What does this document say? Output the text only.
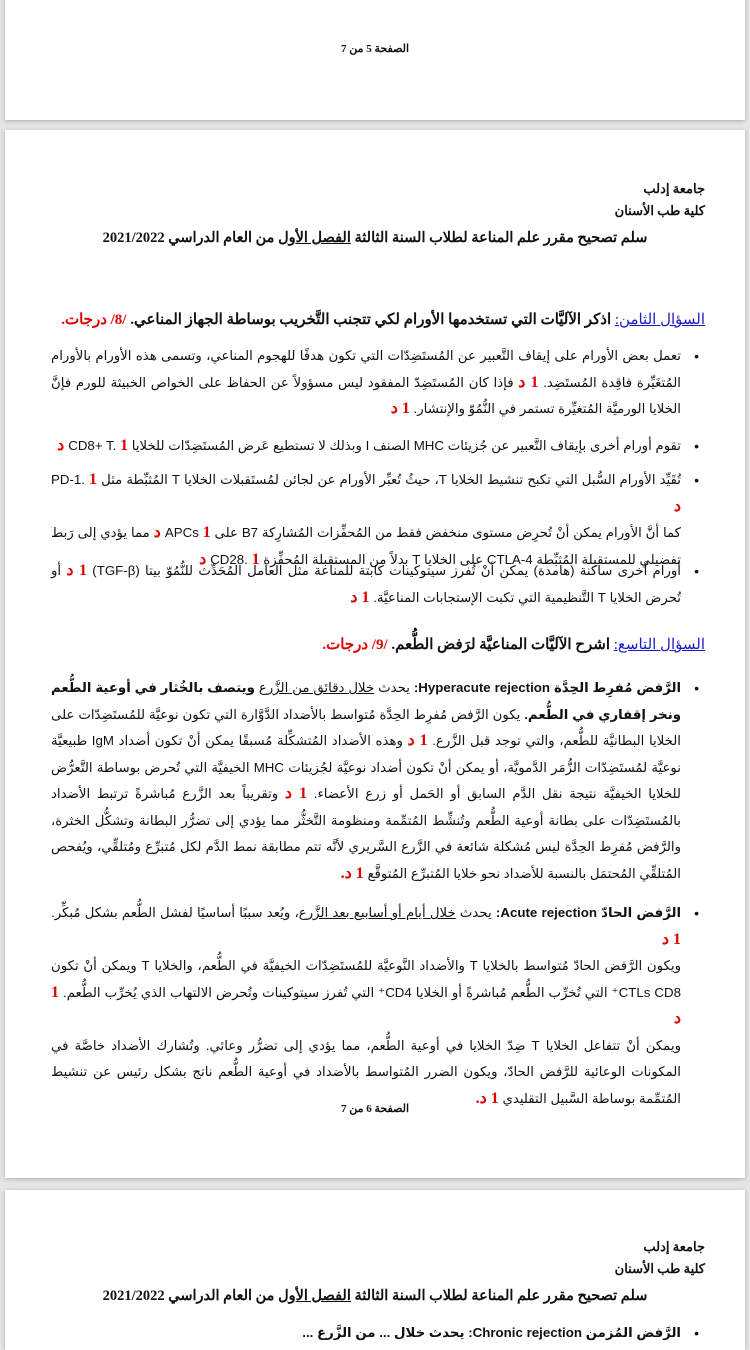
الصفحة 5 من 7
جامعة إدلب
كلية طب الأسنان
سلم تصحيح مقرر علم المناعة لطلاب السنة الثالثة الفصل الأول من العام الدراسي 2021/2022
السؤال الثامن: اذكر الآليَّات التي تستخدمها الأورام لكي تتجنب التَّخريب بوساطة الجهاز المناعي. /8/ درجات.
• تعمل بعض الأورام على إيقاف التَّعبير عن المُستَضِدّات التي تكون هدفًا للهجوم المناعي، وتسمى هذه الأورام بالأورام المُتغَيِّرة فاقِدة المُستَضِد. 1 د فإذا كان المُستَضِدّ المفقود ليس مسؤولاً عن الحفاظ على الخواص الخبيثة للورم فإنَّ الخلايا الورميَّة المُتغيِّرة تستمر في النُّمُوّ والإنتشار. 1 د
• تقوم أورام أخرى بإيقاف التَّعبير عن جُزيئات MHC الصنف I وبذلك لا تستطيع عَرض المُستَضِدّات للخلايا CD8+ T. 1 د
• تُقَيِّد الأورام السُّبل التي تكبح تنشيط الخلايا T، حيثُ تُعبِّر الأورام عن لجائن لمُستَقبلات الخلايا T المُثبِّطة مثل PD-1. 1 د
كما أنَّ الأورام يمكن أنْ تُحرِض مستوى منخفض فقط من المُحفِّزات المُشارِكة B7 على APCs 1 د مما يؤدي إلى رَبط تفضيلي للمستقبلة المُثبِّطة CTLA-4 على الخلايا T بدلاً من المستقبلة المُحفِّزة CD28. 1 د
• أورام أخرى ساكنة (هامدة) يمكن أنْ تُفرز سيتوكينات كابتة للمناعة مثل العامل المُحَدِّث للنُّمُوّ بيتا (TGF-β) 1 د أو تُحرض الخلايا T التَّنظيمية التي تكبت الإستجابات المناعيَّة. 1 د
السؤال التاسع: اشرح الآليَّات المناعيَّة لرَفض الطُّعم. /9/ درجات.
• الرَّفض مُفرِط الحِدَّة Hyperacute rejection: يحدث خلال دقائق من الزَّرع ويتصف بالخُثار في أوعية الطُّعم ونخر إقفاري في الطُّعم. يكون الرَّفض مُفرِط الحِدَّة مُتواسط بالأضداد الدَّوَّارة التي تكون نوعيَّة للمُستَضِدّات على الخلايا البطانيَّة للطُّعم، والتي توجد قبل الزَّرع. 1 د وهذه الأضداد المُتشكِّلة مُسبقًا يمكن أنْ تكون أضداد IgM طبيعيَّة نوعيَّة لمُستَضِدّات الزُّمَر الدَّمويَّة، أو يمكن أنْ تكون أضداد نوعيَّة لجُزيئات MHC الخيفيَّة التي تُحرض بوساطة التَّعرُّض للخلايا الخيفيَّة نتيجة نقل الدَّم السابق أو الحَمل أو زرع الأعضاء. 1 د وتقريباً بعد الزَّرع مُباشرةً ترتبط الأضداد بالمُستَضِدّات على بطانة أوعية الطُّعم وتُنشِّط المُتمِّمة ومنظومة التَّخثُّر مما يؤدي إلى تضرُّر البطانة وتشكُّل الخثرة، والرَّفض مُفرِط الحِدَّة ليس مُشكلة شائعة في الزَّرع السَّريري لأنَّه تتم مطابقة نمط الدَّم لكل مُتبرِّع ومُتلقِّي، ويُفحص المُتلقِّي المُحتمَل بالنسبة للأضداد نحو خلايا المُتبرِّع المُتوقَّع 1 د.
• الرَّفض الحادّ Acute rejection: يحدث خلال أيام أو أسابيع بعد الزَّرع، ويُعد سببًا أساسيًا لفشل الطُّعم بشكل مُبكِّر. 1 د
ويكون الرَّفض الحادّ مُتواسط بالخلايا T والأضداد النَّوعيَّة للمُستَضِدّات الخيفيَّة في الطُّعم، والخلايا T ويمكن أنْ تكون CTLs CD8⁺ التي تُخرِّب الطُّعم مُباشرةً أو الخلايا CD4⁺ التي تُفرز سيتوكينات وتُحرض الالتهاب الذي يُخرِّب الطُّعم. 1 د
ويمكن أنْ تتفاعل الخلايا T ضِدّ الخلايا في أوعية الطُّعم، مما يؤدي إلى تضرُّر وعائي. وتُشارك الأضداد خاصَّة في المكونات الوعائية للرَّفض الحادّ، ويكون الضرر المُتواسط بالأضداد في أوعية الطُّعم ناتج بشكل رئيس عن تنشيط المُتمِّمة بوساطة السَّبيل التقليدي 1 د.
الصفحة 6 من 7
جامعة إدلب
كلية طب الأسنان
سلم تصحيح مقرر علم المناعة لطلاب السنة الثالثة الفصل الأول من العام الدراسي 2021/2022
• الرَّفض المُزمن Chronic rejection: يحدث خلال ... من الزَّرع ...
